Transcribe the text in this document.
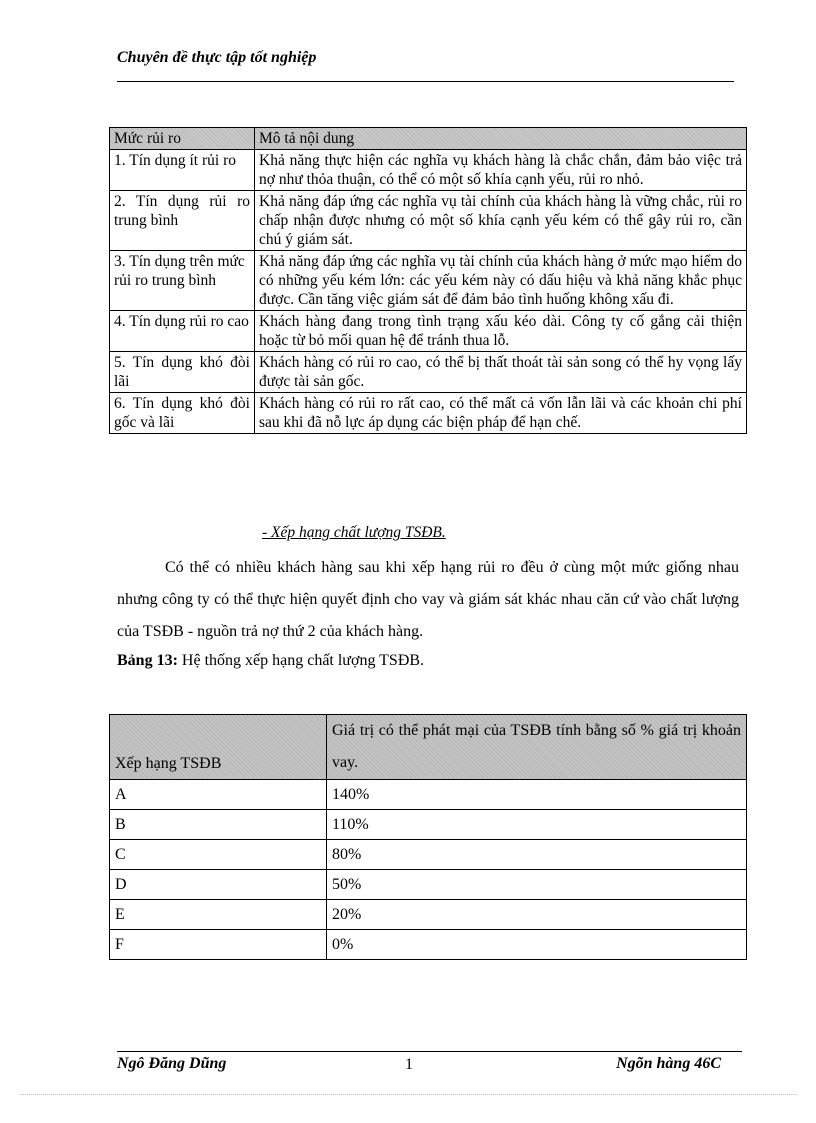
Chuyên đề thực tập tốt nghiệp
Mức rủi ro	Mô tả nội dung
1. Tín dụng ít rủi ro	Khả năng thực hiện các nghĩa vụ khách hàng là chắc chắn, đảm bảo việc trả nợ như thỏa thuận, có thể có một số khía cạnh yếu, rủi ro nhỏ.
2. Tín dụng rủi ro trung bình	Khả năng đáp ứng các nghĩa vụ tài chính của khách hàng là vững chắc, rủi ro chấp nhận được nhưng có một số khía cạnh yếu kém có thể gây rủi ro, cần chú ý giám sát.
3. Tín dụng trên mức rủi ro trung bình	Khả năng đáp ứng các nghĩa vụ tài chính của khách hàng ở mức mạo hiểm do có những yếu kém lớn: các yếu kém này có dấu hiệu và khả năng khắc phục được. Cần tăng việc giám sát để đảm bảo tình huống không xấu đi.
4. Tín dụng rủi ro cao	Khách hàng đang trong tình trạng xấu kéo dài. Công ty cố gắng cải thiện hoặc từ bỏ mối quan hệ để tránh thua lỗ.
5. Tín dụng khó đòi lãi	Khách hàng có rủi ro cao, có thể bị thất thoát tài sản song có thể hy vọng lấy được tài sản gốc.
6. Tín dụng khó đòi gốc và lãi	Khách hàng có rủi ro rất cao, có thể mất cả vốn lẫn lãi và các khoản chi phí sau khi đã nỗ lực áp dụng các biện pháp để hạn chế.
- Xếp hạng chất lượng TSĐB.

Có thể có nhiều khách hàng sau khi xếp hạng rủi ro đều ở cùng một mức giống nhau nhưng công ty có thể thực hiện quyết định cho vay và giám sát khác nhau căn cứ vào chất lượng của TSĐB - nguồn trả nợ thứ 2 của khách hàng.

Bảng 13: Hệ thống xếp hạng chất lượng TSĐB.
Xếp hạng TSĐB	Giá trị có thể phát mại của TSĐB tính bằng số % giá trị khoản vay.
A	140%
B	110%
C	80%
D	50%
E	20%
F	0%
Ngô Đăng Dũng	1	Ngõn hàng 46C
